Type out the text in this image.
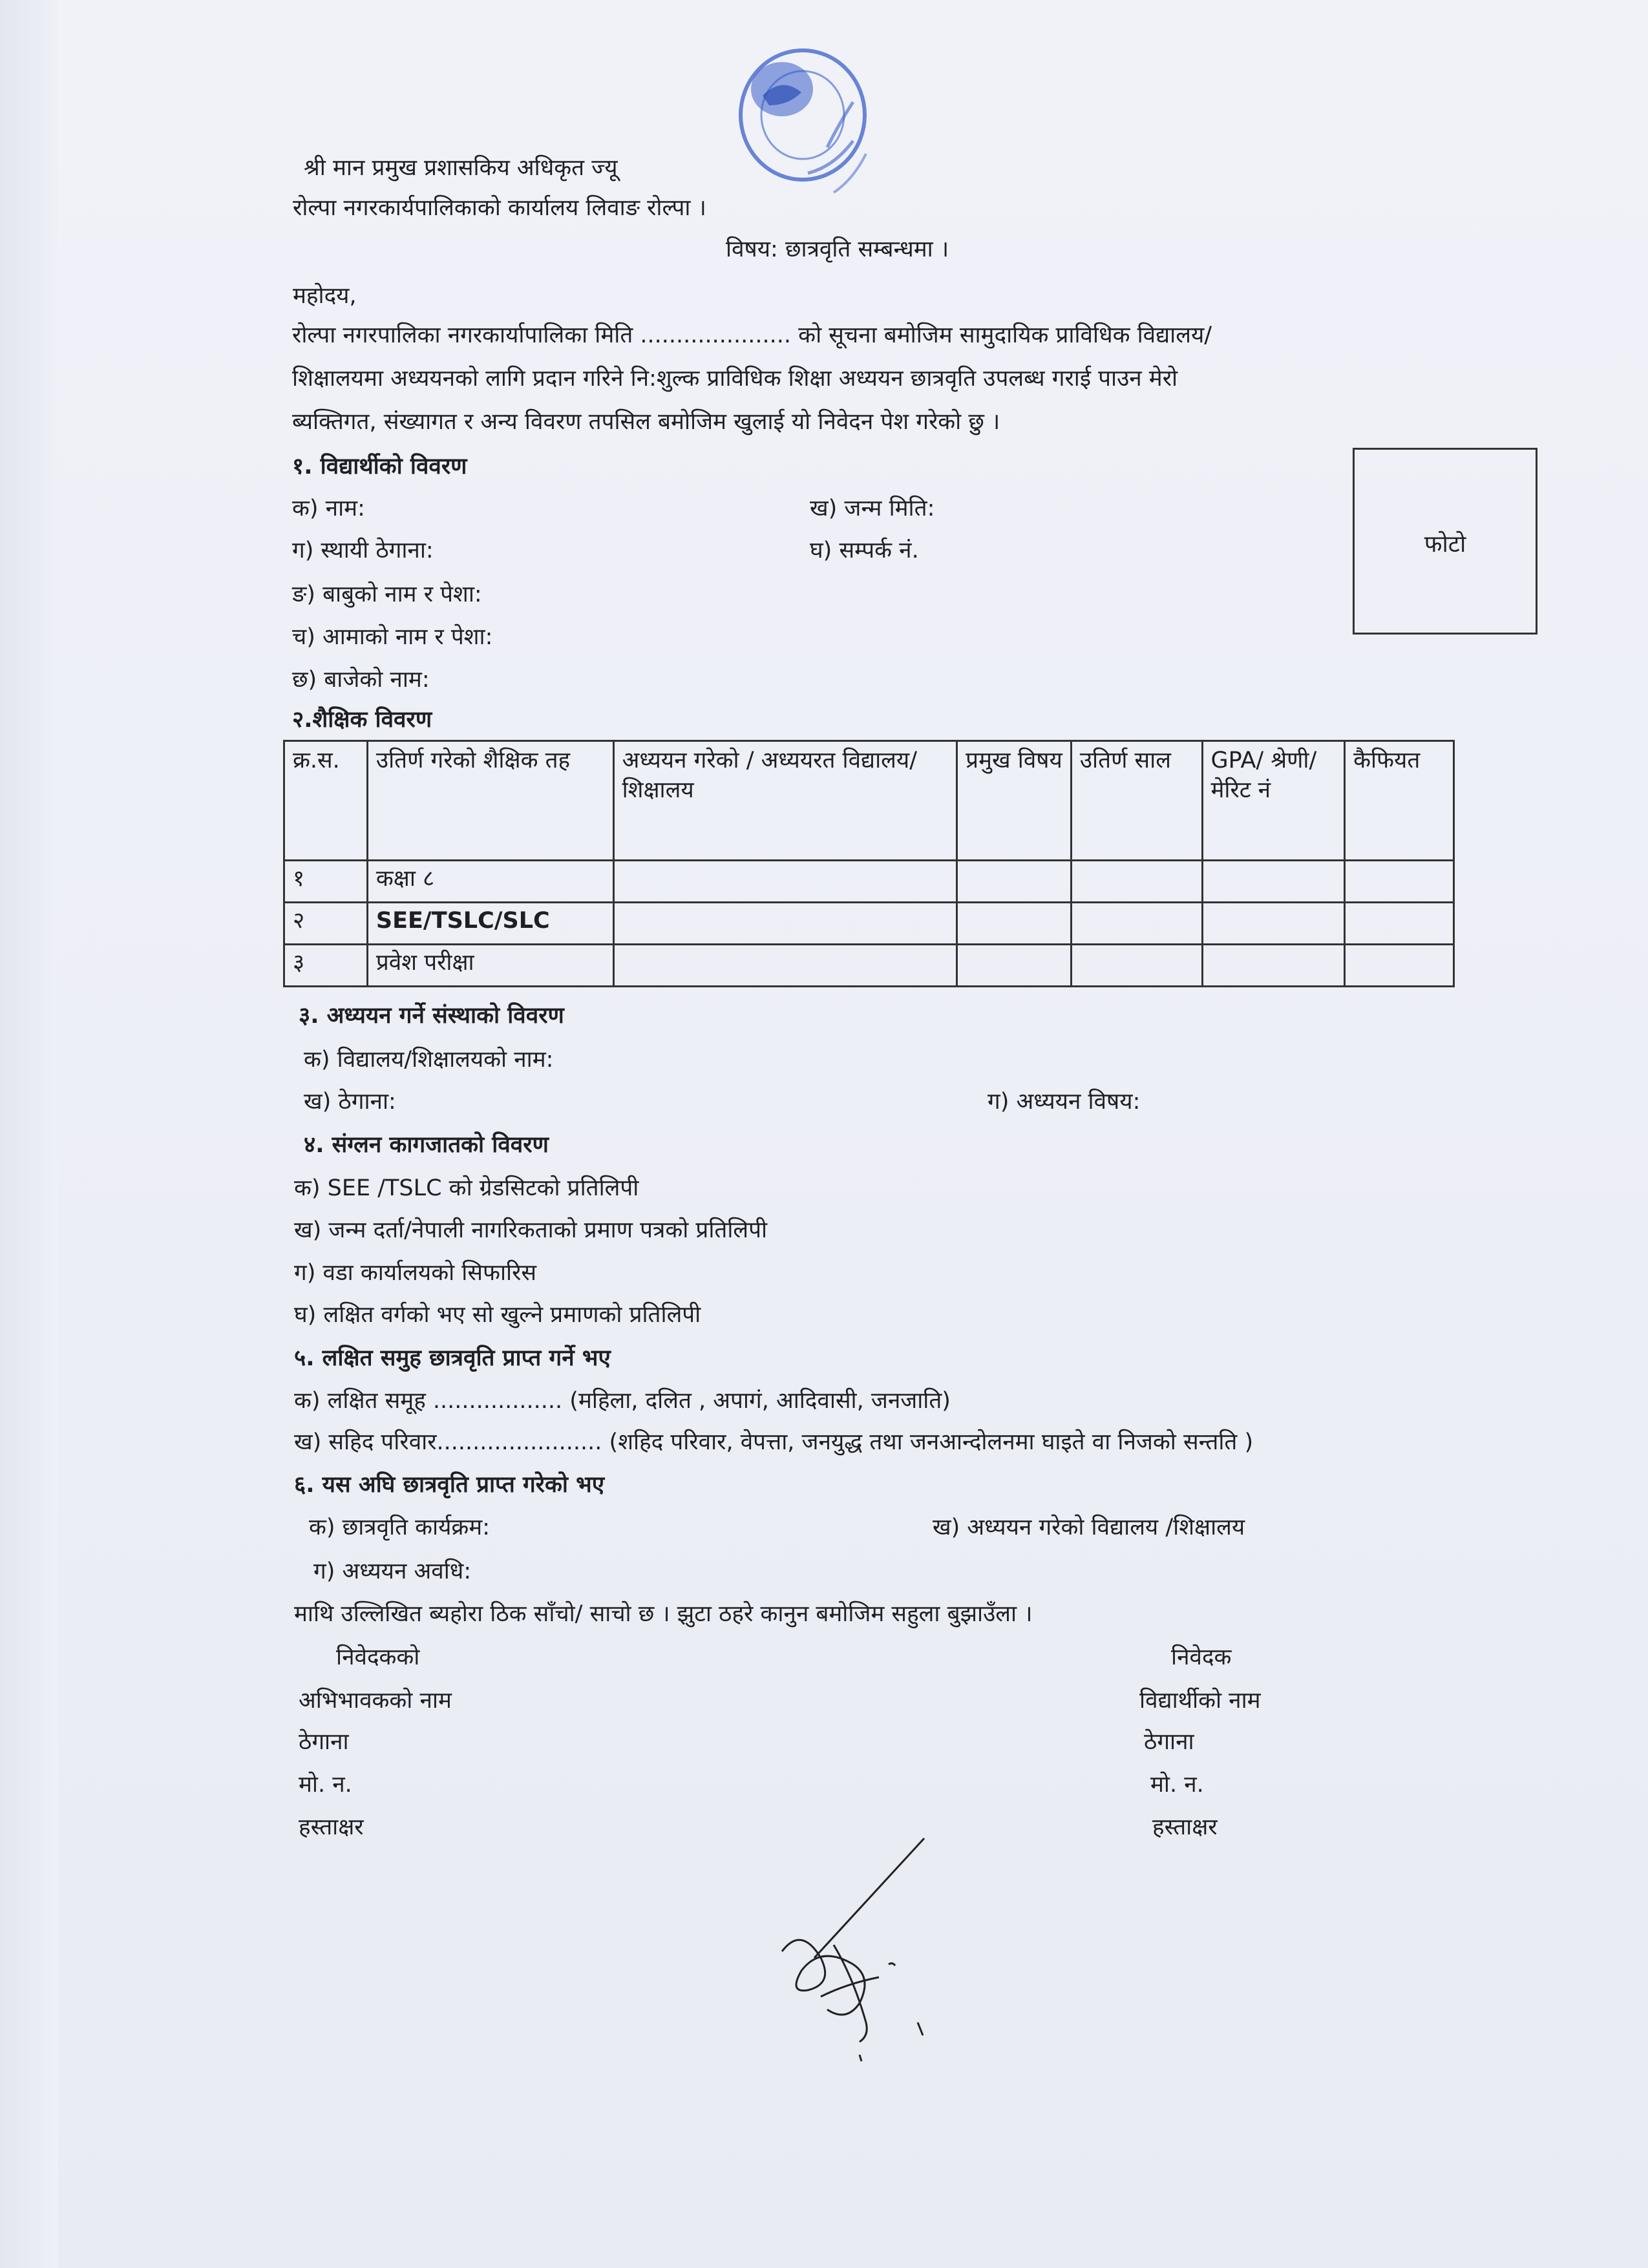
श्री मान प्रमुख प्रशासकिय अधिकृत ज्यू
रोल्पा नगरकार्यपालिकाको कार्यालय लिवाङ रोल्पा ।
विषय: छात्रवृति सम्बन्धमा ।
महोदय,
रोल्पा नगरपालिका नगरकार्यापालिका मिति ..................... को सूचना बमोजिम सामुदायिक प्राविधिक विद्यालय/
शिक्षालयमा अध्ययनको लागि प्रदान गरिने नि:शुल्क प्राविधिक शिक्षा अध्ययन छात्रवृति उपलब्ध गराई पाउन मेरो
ब्यक्तिगत, संख्यागत र अन्य विवरण तपसिल बमोजिम खुलाई यो निवेदन पेश गरेको छु ।
फोटो
१. विद्यार्थीको विवरण
क) नाम:	ख) जन्म मिति:
ग) स्थायी ठेगाना:	घ) सम्पर्क नं.
ङ) बाबुको नाम र पेशा:
च) आमाको नाम र पेशा:
छ) बाजेको नाम:
२.शैक्षिक विवरण
क्र.स.	उतिर्ण गरेको शैक्षिक तह	अध्ययन गरेको / अध्ययरत विद्यालय/ शिक्षालय	प्रमुख विषय	उतिर्ण साल	GPA/ श्रेणी/मेरिट नं	कैफियत
१	कक्षा ८					
२	SEE/TSLC/SLC					
३	प्रवेश परीक्षा					
३. अध्ययन गर्ने संस्थाको विवरण
क) विद्यालय/शिक्षालयको नाम:
ख) ठेगाना:	ग) अध्ययन विषय:
४. संग्लन कागजातको विवरण
क) SEE /TSLC को ग्रेडसिटको प्रतिलिपी
ख) जन्म दर्ता/नेपाली नागरिकताको प्रमाण पत्रको प्रतिलिपी
ग) वडा कार्यालयको सिफारिस
घ) लक्षित वर्गको भए सो खुल्ने प्रमाणको प्रतिलिपी
५. लक्षित समुह छात्रवृति प्राप्त गर्ने भए
क) लक्षित समूह .................. (महिला, दलित , अपागं, आदिवासी, जनजाति)
ख) सहिद परिवार....................... (शहिद परिवार, वेपत्ता, जनयुद्ध तथा जनआन्दोलनमा घाइते वा निजको सन्तति )
६. यस अघि छात्रवृति प्राप्त गरेको भए
क) छात्रवृति कार्यक्रम:	ख) अध्ययन गरेको विद्यालय /शिक्षालय
ग) अध्ययन अवधि:
माथि उल्लिखित ब्यहोरा ठिक साँचो/ साचो छ । झुटा ठहरे कानुन बमोजिम सहुला बुझाउँला ।
निवेदकको
अभिभावकको नाम
ठेगाना
मो. न.
हस्ताक्षर
निवेदक
विद्यार्थीको नाम
ठेगाना
मो. न.
हस्ताक्षर
